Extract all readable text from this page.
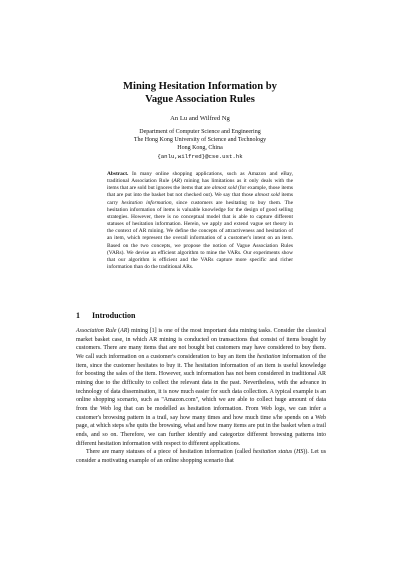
Mining Hesitation Information by
Vague Association Rules
An Lu and Wilfred Ng
Department of Computer Science and Engineering
The Hong Kong University of Science and Technology
Hong Kong, China
{anlu,wilfred}@cse.ust.hk
Abstract. In many online shopping applications, such as Amazon and eBay, traditional Association Rule (AR) mining has limitations as it only deals with the items that are sold but ignores the items that are almost sold (for example, those items that are put into the basket but not checked out). We say that those almost sold items carry hesitation information, since customers are hesitating to buy them. The hesitation information of items is valuable knowledge for the design of good selling strategies. However, there is no conceptual model that is able to capture different statuses of hesitation information. Herein, we apply and extend vague set theory in the context of AR mining. We define the concepts of attractiveness and hesitation of an item, which represent the overall information of a customer's intent on an item. Based on the two concepts, we propose the notion of Vague Association Rules (VARs). We devise an efficient algorithm to mine the VARs. Our experiments show that our algorithm is efficient and the VARs capture more specific and richer information than do the traditional ARs.
1 Introduction

Association Rule (AR) mining [1] is one of the most important data mining tasks. Consider the classical market basket case, in which AR mining is conducted on transactions that consist of items bought by customers. There are many items that are not bought but customers may have considered to buy them. We call such information on a customer's consideration to buy an item the hesitation information of the item, since the customer hesitates to buy it. The hesitation information of an item is useful knowledge for boosting the sales of the item. However, such information has not been considered in traditional AR mining due to the difficulty to collect the relevant data in the past. Nevertheless, with the advance in technology of data dissemination, it is now much easier for such data collection. A typical example is an online shopping scenario, such as "Amazon.com", which we are able to collect huge amount of data from the Web log that can be modelled as hesitation information. From Web logs, we can infer a customer's browsing pattern in a trail, say how many times and how much time s/he spends on a Web page, at which steps s/he quits the browsing, what and how many items are put in the basket when a trail ends, and so on. Therefore, we can further identify and categorize different browsing patterns into different hesitation information with respect to different applications.

There are many statuses of a piece of hesitation information (called hesitation status (HS)). Let us consider a motivating example of an online shopping scenario that
